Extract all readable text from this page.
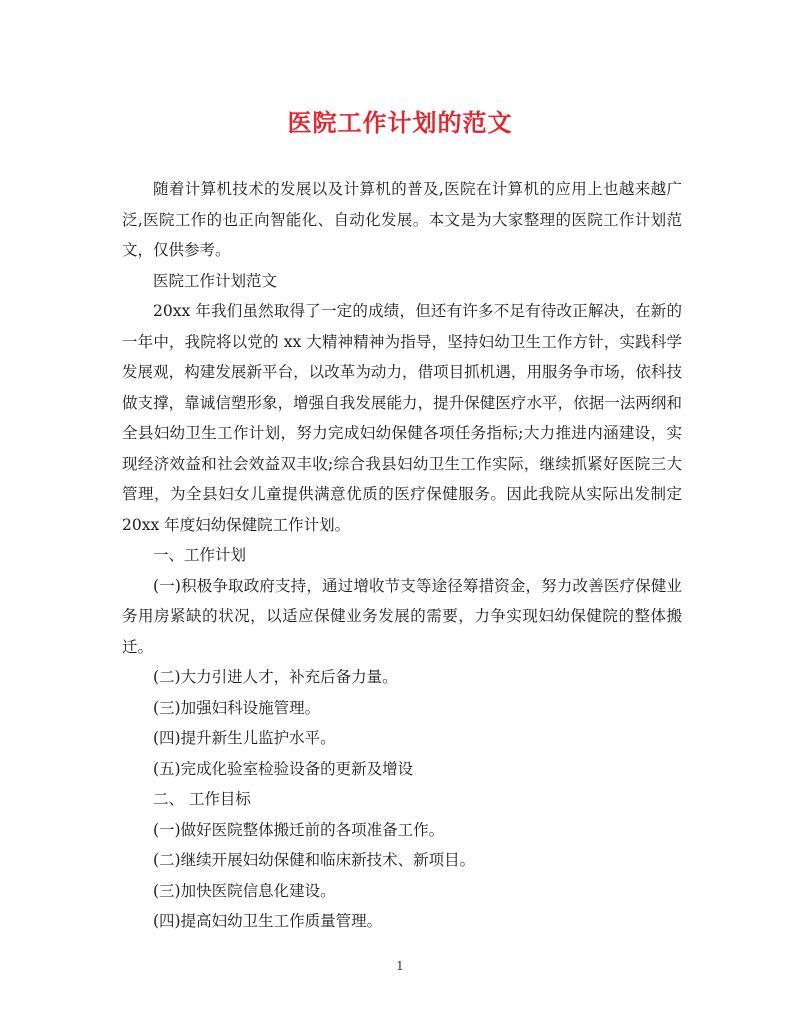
医院工作计划的范文

随着计算机技术的发展以及计算机的普及,医院在计算机的应用上也越来越广泛,医院工作的也正向智能化、自动化发展。本文是为大家整理的医院工作计划范文，仅供参考。

医院工作计划范文

20xx 年我们虽然取得了一定的成绩，但还有许多不足有待改正解决，在新的一年中，我院将以党的 xx 大精神精神为指导，坚持妇幼卫生工作方针，实践科学发展观，构建发展新平台，以改革为动力，借项目抓机遇，用服务争市场，依科技做支撑，靠诚信塑形象，增强自我发展能力，提升保健医疗水平，依据一法两纲和全县妇幼卫生工作计划，努力完成妇幼保健各项任务指标;大力推进内涵建设，实现经济效益和社会效益双丰收;综合我县妇幼卫生工作实际，继续抓紧好医院三大管理，为全县妇女儿童提供满意优质的医疗保健服务。因此我院从实际出发制定 20xx 年度妇幼保健院工作计划。

一、工作计划

(一)积极争取政府支持，通过增收节支等途径筹措资金，努力改善医疗保健业务用房紧缺的状况，以适应保健业务发展的需要，力争实现妇幼保健院的整体搬迁。

(二)大力引进人才，补充后备力量。

(三)加强妇科设施管理。

(四)提升新生儿监护水平。

(五)完成化验室检验设备的更新及增设

二、 工作目标

(一)做好医院整体搬迁前的各项准备工作。

(二)继续开展妇幼保健和临床新技术、新项目。

(三)加快医院信息化建设。

(四)提高妇幼卫生工作质量管理。

1
